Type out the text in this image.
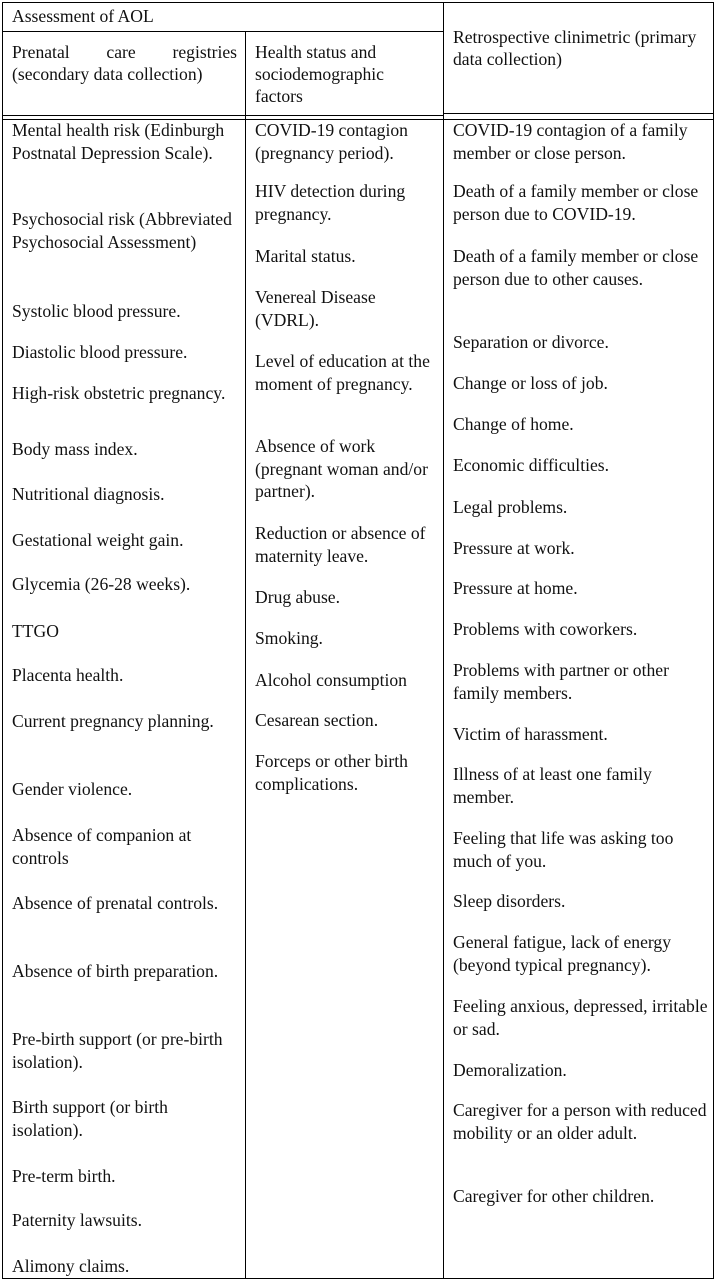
Assessment of AOL

Prenatal care registries (secondary data collection)

Health status and sociodemographic factors

Retrospective clinimetric (primary data collection)

Mental health risk (Edinburgh Postnatal Depression Scale).

Psychosocial risk (Abbreviated Psychosocial Assessment)

Systolic blood pressure.

Diastolic blood pressure.

High-risk obstetric pregnancy.

Body mass index.

Nutritional diagnosis.

Gestational weight gain.

Glycemia (26-28 weeks).

TTGO

Placenta health.

Current pregnancy planning.

Gender violence.

Absence of companion at controls

Absence of prenatal controls.

Absence of birth preparation.

Pre-birth support (or pre-birth isolation).

Birth support (or birth isolation).

Pre-term birth.

Paternity lawsuits.

Alimony claims.

COVID-19 contagion (pregnancy period).

HIV detection during pregnancy.

Marital status.

Venereal Disease (VDRL).

Level of education at the moment of pregnancy.

Absence of work (pregnant woman and/or partner).

Reduction or absence of maternity leave.

Drug abuse.

Smoking.

Alcohol consumption

Cesarean section.

Forceps or other birth complications.

COVID-19 contagion of a family member or close person.

Death of a family member or close person due to COVID-19.

Death of a family member or close person due to other causes.

Separation or divorce.

Change or loss of job.

Change of home.

Economic difficulties.

Legal problems.

Pressure at work.

Pressure at home.

Problems with coworkers.

Problems with partner or other family members.

Victim of harassment.

Illness of at least one family member.

Feeling that life was asking too much of you.

Sleep disorders.

General fatigue, lack of energy (beyond typical pregnancy).

Feeling anxious, depressed, irritable or sad.

Demoralization.

Caregiver for a person with reduced mobility or an older adult.

Caregiver for other children.
